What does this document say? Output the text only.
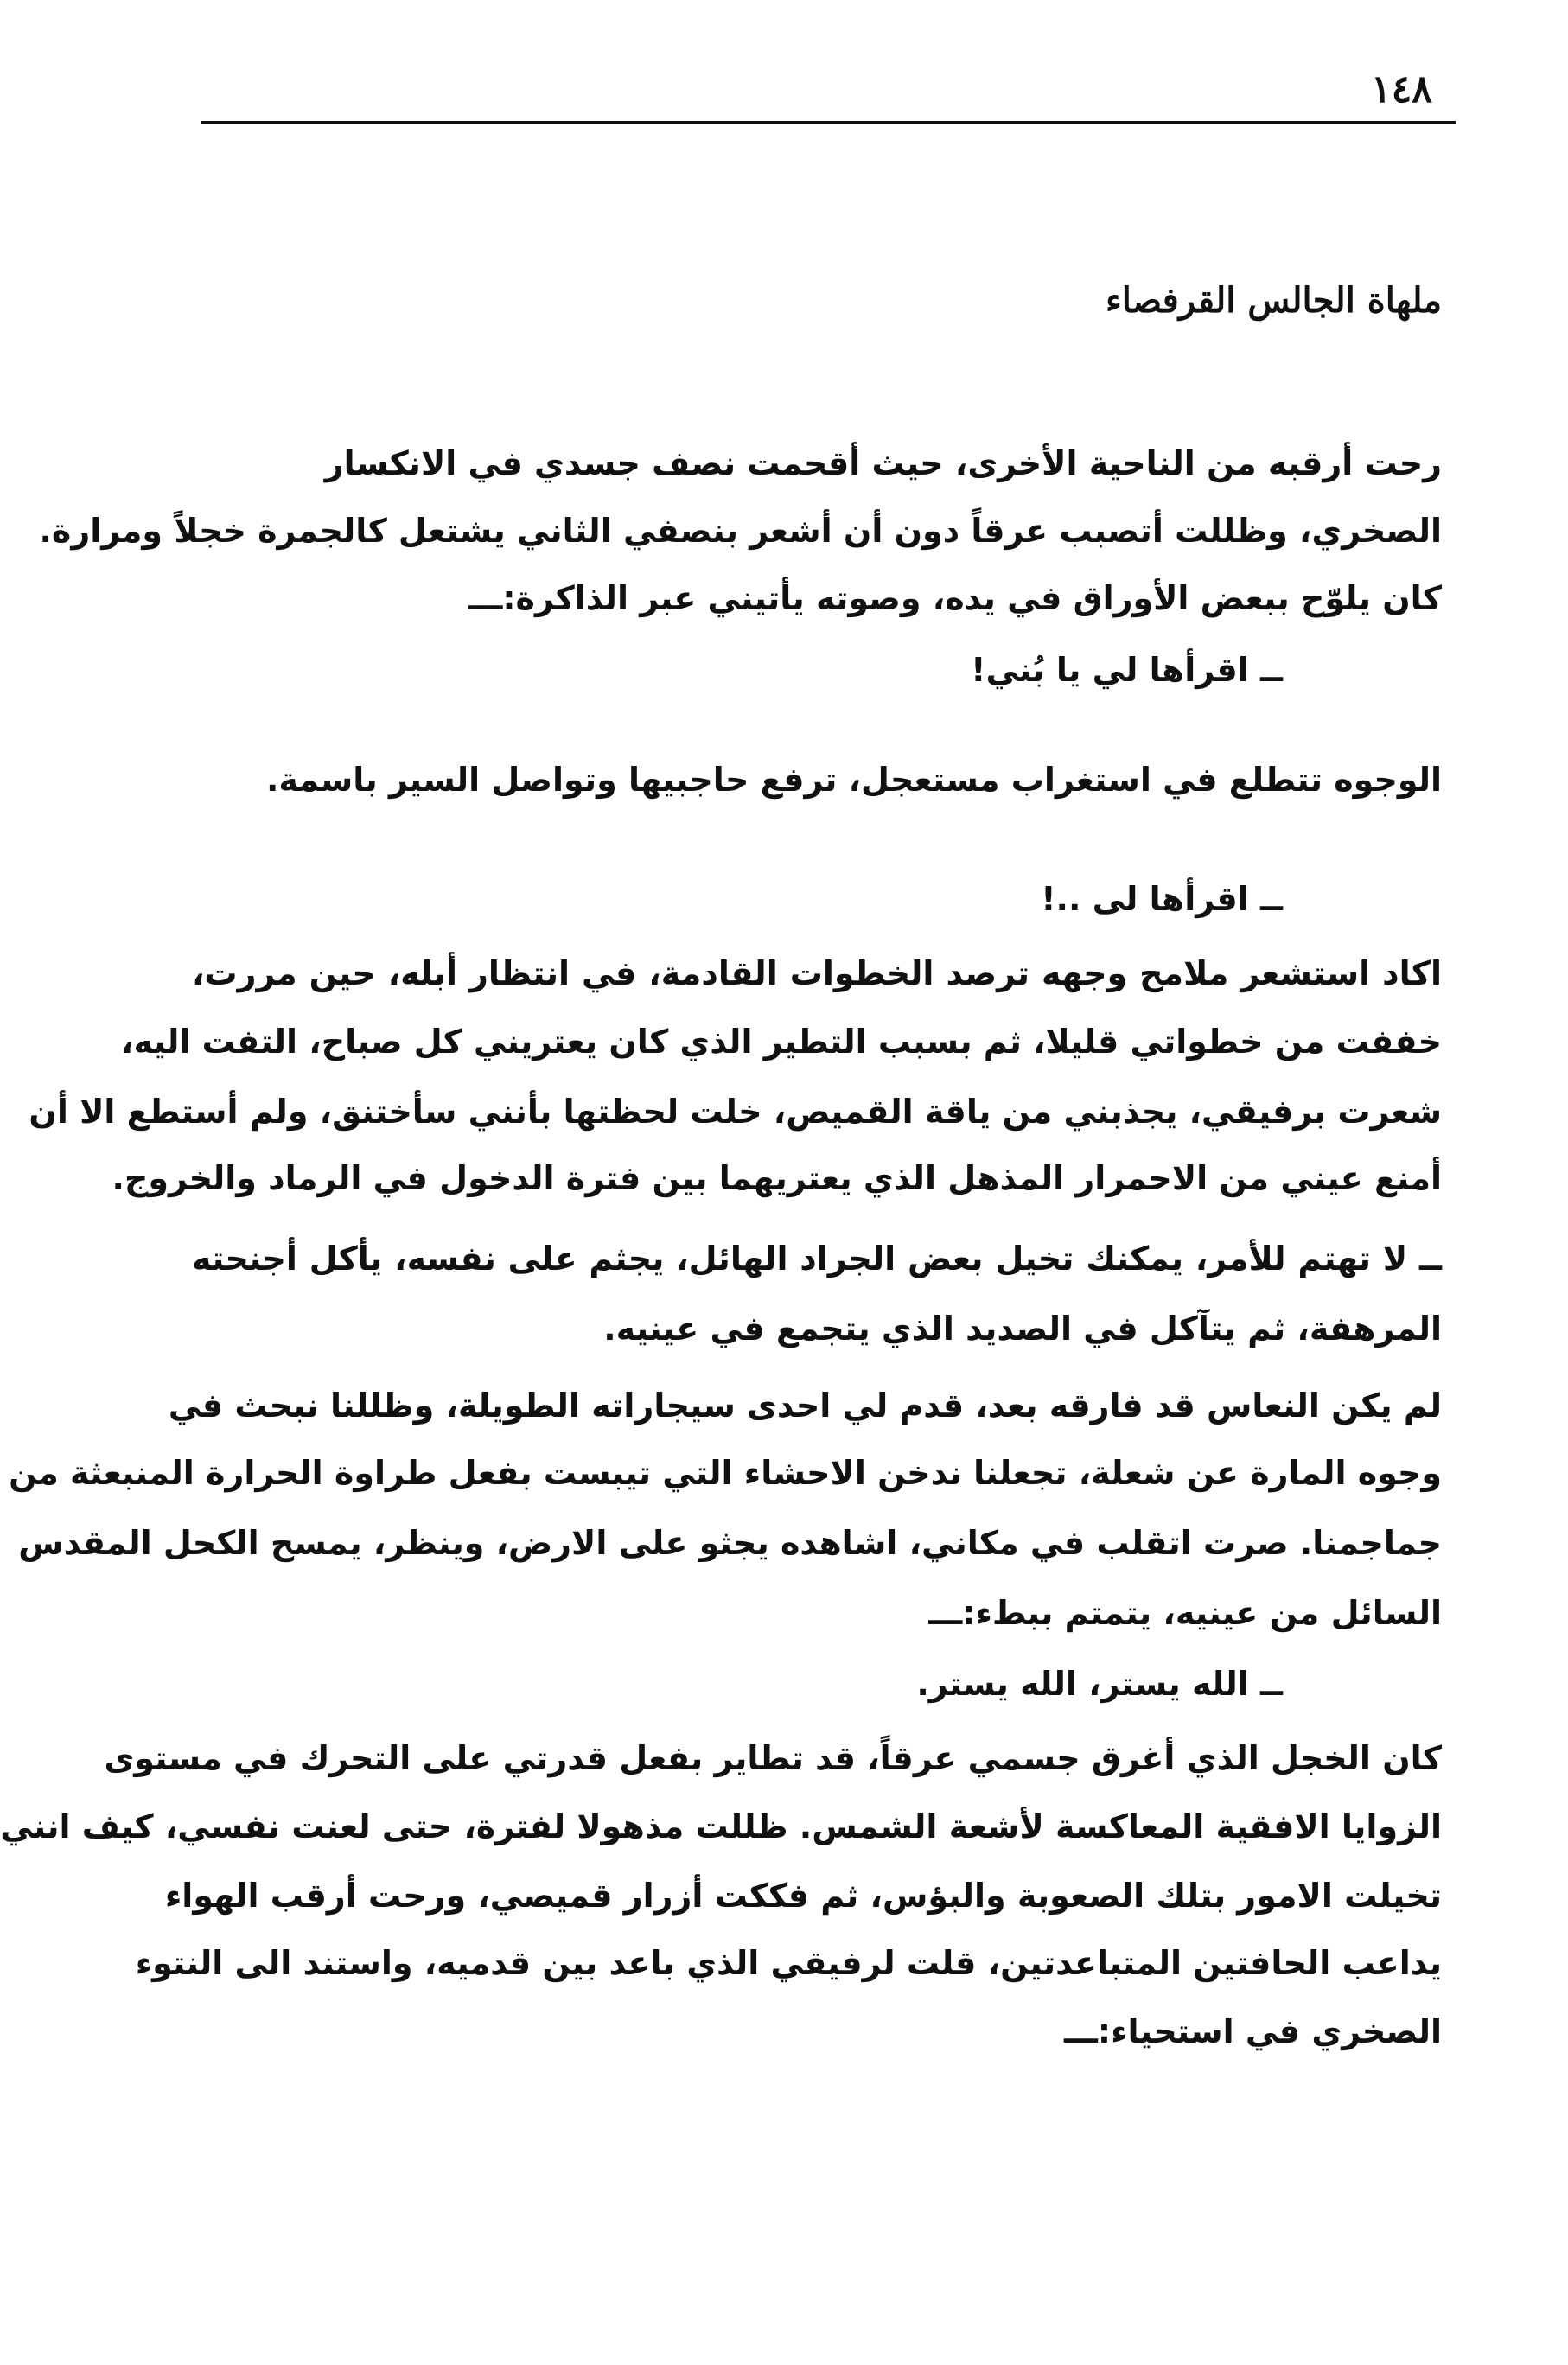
١٤٨
ملهاة الجالس القرفصاء
رحت أرقبه من الناحية الأخرى، حيث أقحمت نصف جسدي في الانكسار
الصخري، وظللت أتصبب عرقاً دون أن أشعر بنصفي الثاني يشتعل كالجمرة خجلاً ومرارة.
كان يلوّح ببعض الأوراق في يده، وصوته يأتيني عبر الذاكرة:ـــ
ــ اقرأها لي يا بُني!
الوجوه تتطلع في استغراب مستعجل، ترفع حاجبيها وتواصل السير باسمة.
ــ اقرأها لى ..!
اكاد استشعر ملامح وجهه ترصد الخطوات القادمة، في انتظار أبله، حين مررت،
خففت من خطواتي قليلا، ثم بسبب التطير الذي كان يعتريني كل صباح، التفت اليه،
شعرت برفيقي، يجذبني من ياقة القميص، خلت لحظتها بأنني سأختنق، ولم أستطع الا أن
أمنع عيني من الاحمرار المذهل الذي يعتريهما بين فترة الدخول في الرماد والخروج.
ــ لا تهتم للأمر، يمكنك تخيل بعض الجراد الهائل، يجثم على نفسه، يأكل أجنحته
المرهفة، ثم يتآكل في الصديد الذي يتجمع في عينيه.
لم يكن النعاس قد فارقه بعد، قدم لي احدى سيجاراته الطويلة، وظللنا نبحث في
وجوه المارة عن شعلة، تجعلنا ندخن الاحشاء التي تيبست بفعل طراوة الحرارة المنبعثة من
جماجمنا. صرت اتقلب في مكاني، اشاهده يجثو على الارض، وينظر، يمسح الكحل المقدس
السائل من عينيه، يتمتم ببطء:ـــ
ــ الله يستر، الله يستر.
كان الخجل الذي أغرق جسمي عرقاً، قد تطاير بفعل قدرتي على التحرك في مستوى
الزوايا الافقية المعاكسة لأشعة الشمس. ظللت مذهولا لفترة، حتى لعنت نفسي، كيف انني
تخيلت الامور بتلك الصعوبة والبؤس، ثم فككت أزرار قميصي، ورحت أرقب الهواء
يداعب الحافتين المتباعدتين، قلت لرفيقي الذي باعد بين قدميه، واستند الى النتوء
الصخري في استحياء:ـــ
